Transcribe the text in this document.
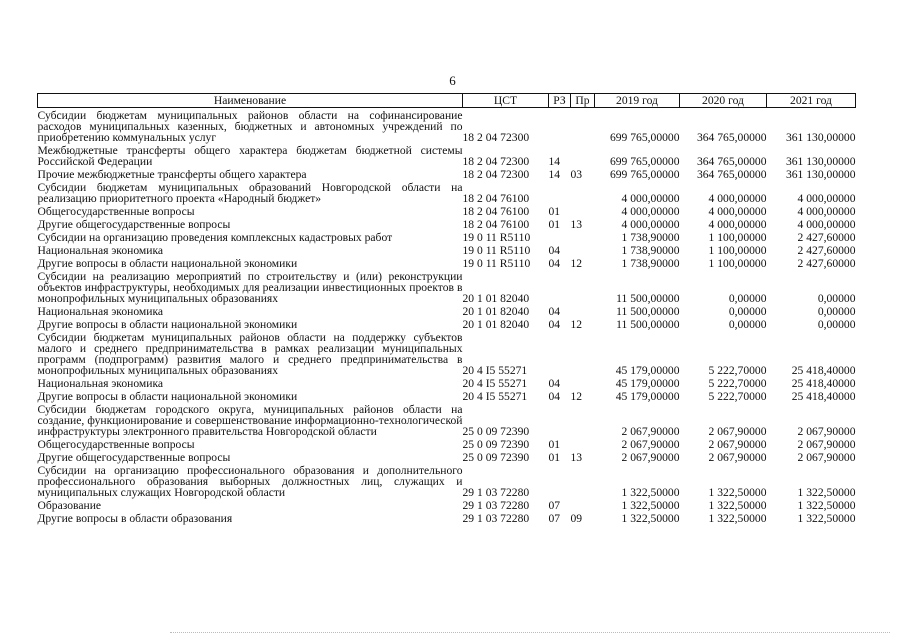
6
Наименование	ЦСТ	РЗ	Пр	2019 год	2020 год	2021 год
Субсидии бюджетам муниципальных районов области на софинансирование расходов муниципальных казенных, бюджетных и автономных учреждений по приобретению коммунальных услуг	18 2 04 72300			699 765,00000	364 765,00000	361 130,00000
Межбюджетные трансферты общего характера бюджетам бюджетной системы Российской Федерации	18 2 04 72300	14		699 765,00000	364 765,00000	361 130,00000
Прочие межбюджетные трансферты общего характера	18 2 04 72300	14	03	699 765,00000	364 765,00000	361 130,00000
Субсидии бюджетам муниципальных образований Новгородской области на реализацию приоритетного проекта «Народный бюджет»	18 2 04 76100			4 000,00000	4 000,00000	4 000,00000
Общегосударственные вопросы	18 2 04 76100	01		4 000,00000	4 000,00000	4 000,00000
Другие общегосударственные вопросы	18 2 04 76100	01	13	4 000,00000	4 000,00000	4 000,00000
Субсидии на организацию проведения комплексных кадастровых работ	19 0 11 R5110			1 738,90000	1 100,00000	2 427,60000
Национальная экономика	19 0 11 R5110	04		1 738,90000	1 100,00000	2 427,60000
Другие вопросы в области национальной экономики	19 0 11 R5110	04	12	1 738,90000	1 100,00000	2 427,60000
Субсидии на реализацию мероприятий по строительству и (или) реконструкции объектов инфраструктуры, необходимых для реализации инвестиционных проектов в монопрофильных муниципальных образованиях	20 1 01 82040			11 500,00000	0,00000	0,00000
Национальная экономика	20 1 01 82040	04		11 500,00000	0,00000	0,00000
Другие вопросы в области национальной экономики	20 1 01 82040	04	12	11 500,00000	0,00000	0,00000
Субсидии бюджетам муниципальных районов области на поддержку субъектов малого и среднего предпринимательства в рамках реализации муниципальных программ (подпрограмм) развития малого и среднего предпринимательства в монопрофильных муниципальных образованиях	20 4 I5 55271			45 179,00000	5 222,70000	25 418,40000
Национальная экономика	20 4 I5 55271	04		45 179,00000	5 222,70000	25 418,40000
Другие вопросы в области национальной экономики	20 4 I5 55271	04	12	45 179,00000	5 222,70000	25 418,40000
Субсидии бюджетам городского округа, муниципальных районов области на создание, функционирование и совершенствование информационно-технологической инфраструктуры электронного правительства Новгородской области	25 0 09 72390			2 067,90000	2 067,90000	2 067,90000
Общегосударственные вопросы	25 0 09 72390	01		2 067,90000	2 067,90000	2 067,90000
Другие общегосударственные вопросы	25 0 09 72390	01	13	2 067,90000	2 067,90000	2 067,90000
Субсидии на организацию профессионального образования и дополнительного профессионального образования выборных должностных лиц, служащих и муниципальных служащих Новгородской области	29 1 03 72280			1 322,50000	1 322,50000	1 322,50000
Образование	29 1 03 72280	07		1 322,50000	1 322,50000	1 322,50000
Другие вопросы в области образования	29 1 03 72280	07	09	1 322,50000	1 322,50000	1 322,50000
